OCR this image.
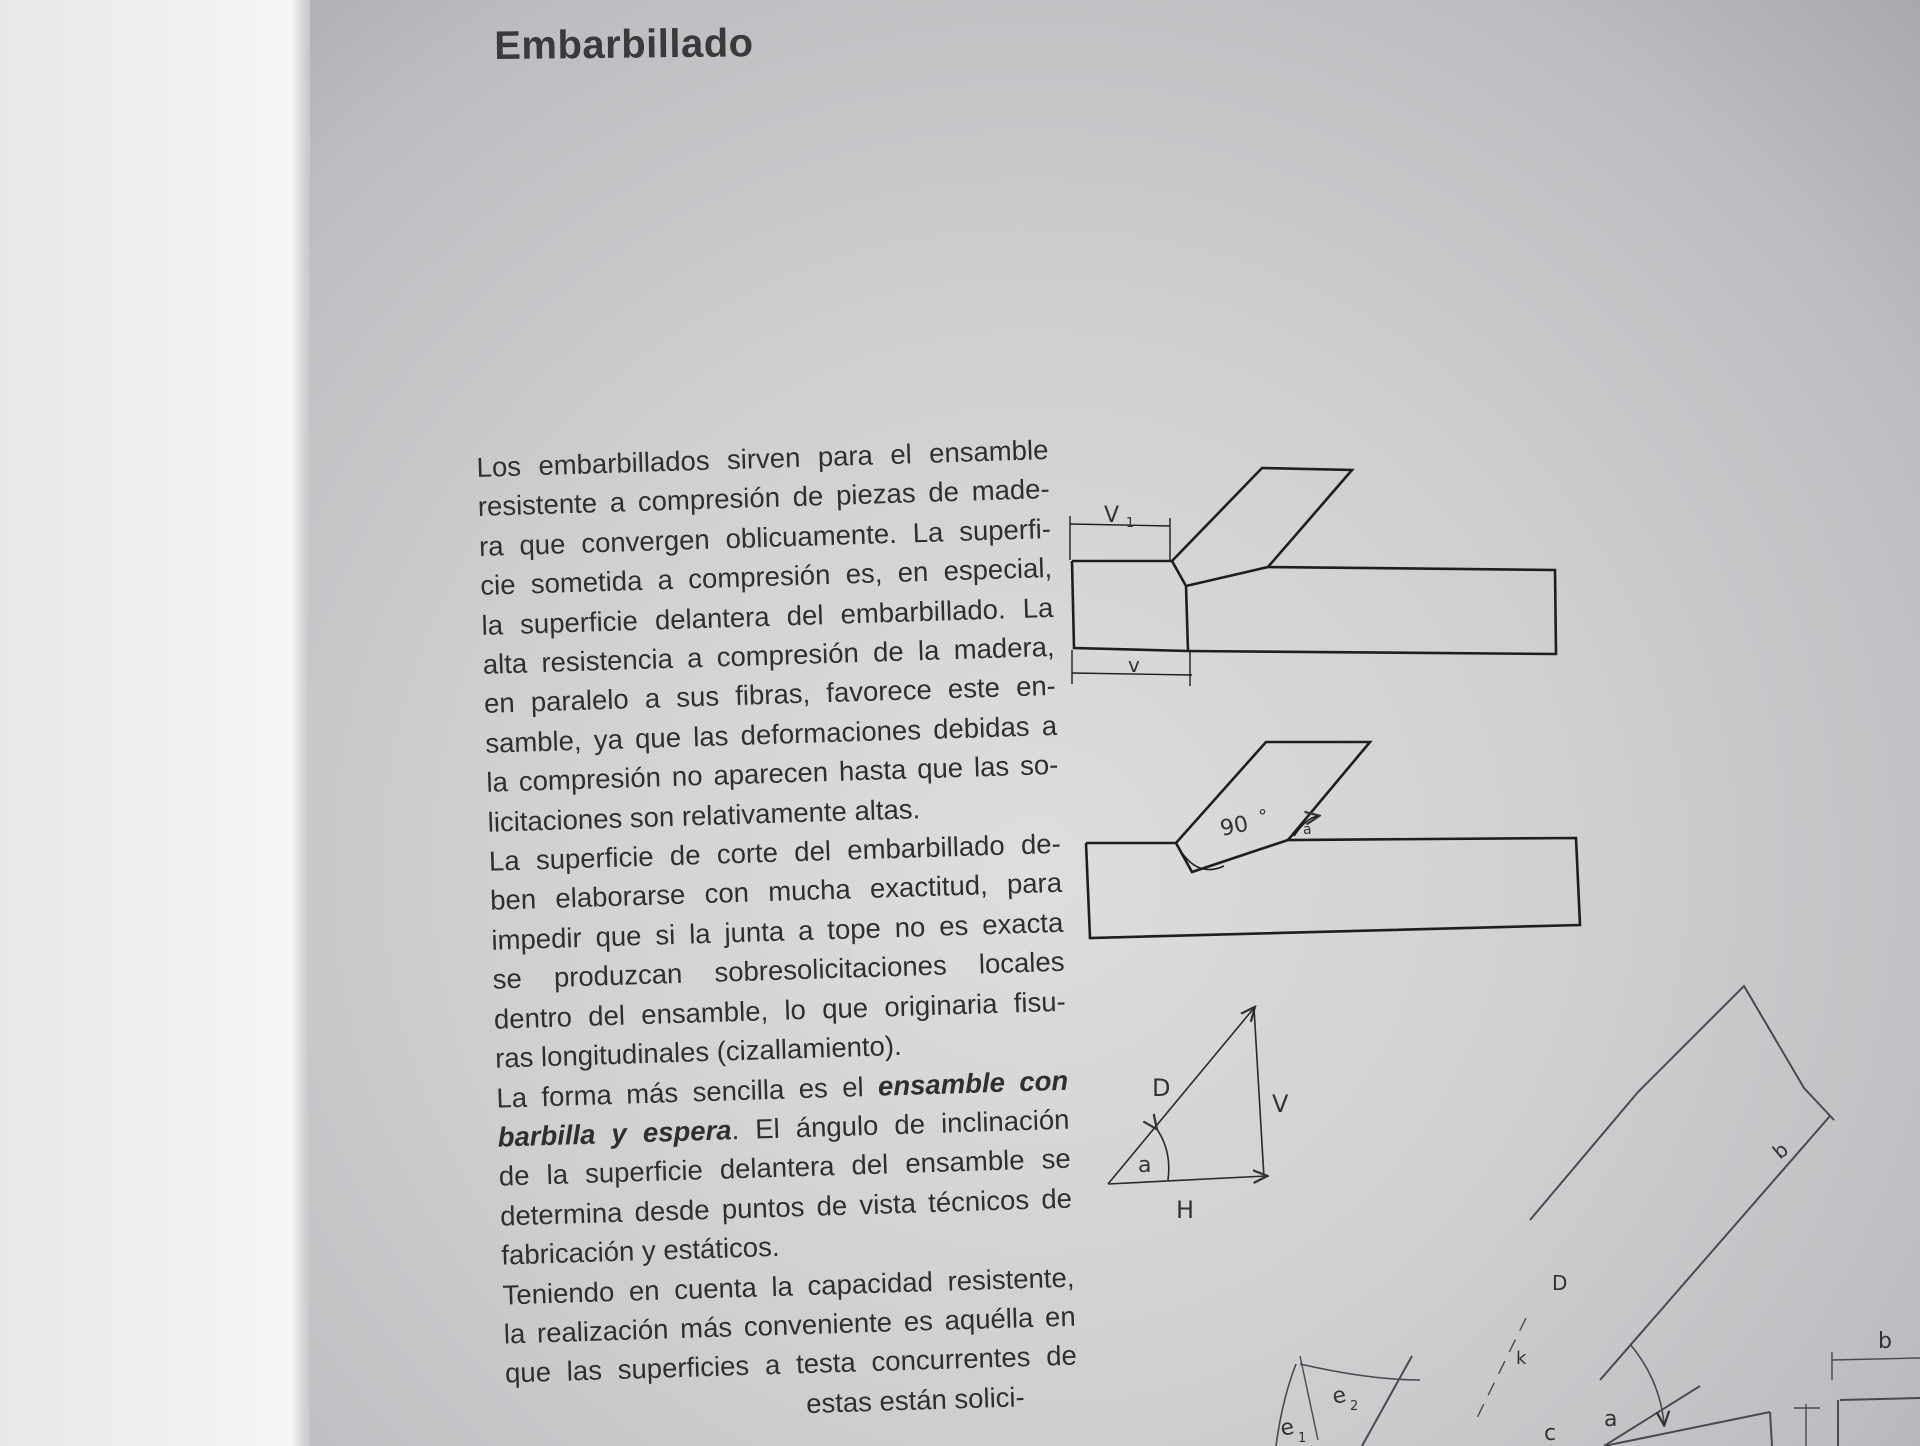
Embarbillado
Los embarbillados sirven para el ensamble
resistente a compresión de piezas de made-
ra que convergen oblicuamente. La superfi-
cie sometida a compresión es, en especial,
la superficie delantera del embarbillado. La
alta resistencia a compresión de la madera,
en paralelo a sus fibras, favorece este en-
samble, ya que las deformaciones debidas a
la compresión no aparecen hasta que las so-
licitaciones son relativamente altas.
La superficie de corte del embarbillado de-
ben elaborarse con mucha exactitud, para
impedir que si la junta a tope no es exacta
se produzcan sobresolicitaciones locales
dentro del ensamble, lo que originaria fisu-
ras longitudinales (cizallamiento).
La forma más sencilla es el ensamble con
barbilla y espera. El ángulo de inclinación
de la superficie delantera del ensamble se
determina desde puntos de vista técnicos de
fabricación y estáticos.
Teniendo en cuenta la capacidad resistente,
la realización más conveniente es aquélla en
que las superficies a testa concurrentes de
estas están solici-
V 1
v
90 °
a
D
V
H
a
e 1
e 2
c
a
b
b
D
k
